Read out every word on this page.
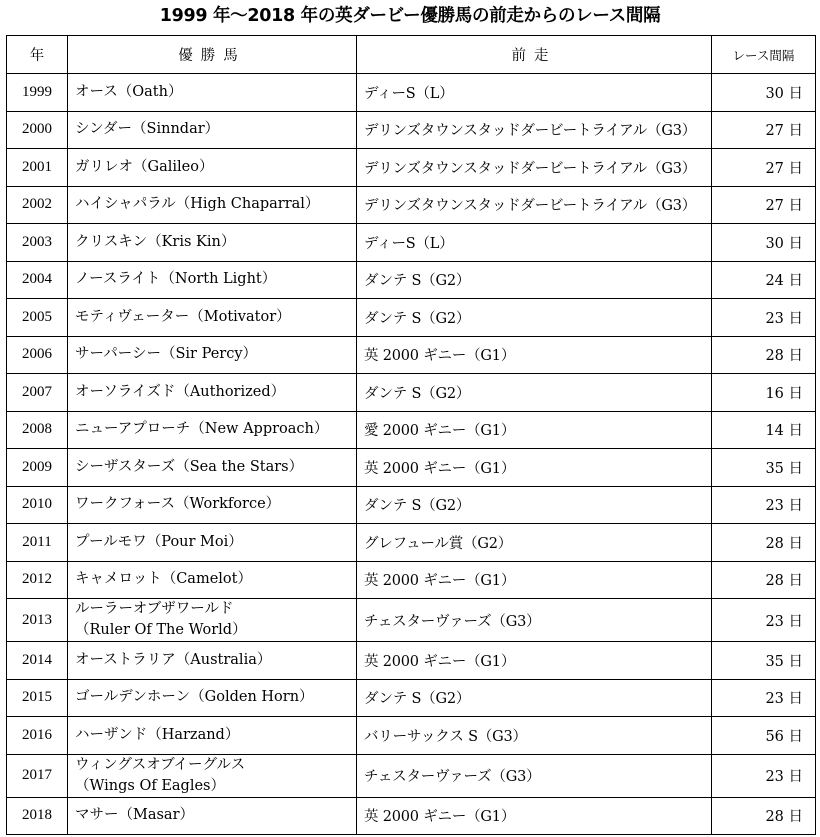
1999 年～2018 年の英ダービー優勝馬の前走からのレース間隔
年	優勝馬	前走	レース間隔
1999	オース（Oath）	ディーS（L）	30 日
2000	シンダー（Sinndar）	デリンズタウンスタッドダービートライアル（G3）	27 日
2001	ガリレオ（Galileo）	デリンズタウンスタッドダービートライアル（G3）	27 日
2002	ハイシャパラル（High Chaparral）	デリンズタウンスタッドダービートライアル（G3）	27 日
2003	クリスキン（Kris Kin）	ディーS（L）	30 日
2004	ノースライト（North Light）	ダンテ S（G2）	24 日
2005	モティヴェーター（Motivator）	ダンテ S（G2）	23 日
2006	サーパーシー（Sir Percy）	英 2000 ギニー（G1）	28 日
2007	オーソライズド（Authorized）	ダンテ S（G2）	16 日
2008	ニューアプローチ（New Approach）	愛 2000 ギニー（G1）	14 日
2009	シーザスターズ（Sea the Stars）	英 2000 ギニー（G1）	35 日
2010	ワークフォース（Workforce）	ダンテ S（G2）	23 日
2011	プールモワ（Pour Moi）	グレフュール賞（G2）	28 日
2012	キャメロット（Camelot）	英 2000 ギニー（G1）	28 日
2013	ルーラーオブザワールド
（Ruler Of The World）	チェスターヴァーズ（G3）	23 日
2014	オーストラリア（Australia）	英 2000 ギニー（G1）	35 日
2015	ゴールデンホーン（Golden Horn）	ダンテ S（G2）	23 日
2016	ハーザンド（Harzand）	バリーサックス S（G3）	56 日
2017	ウィングスオブイーグルス
（Wings Of Eagles）	チェスターヴァーズ（G3）	23 日
2018	マサー（Masar）	英 2000 ギニー（G1）	28 日
